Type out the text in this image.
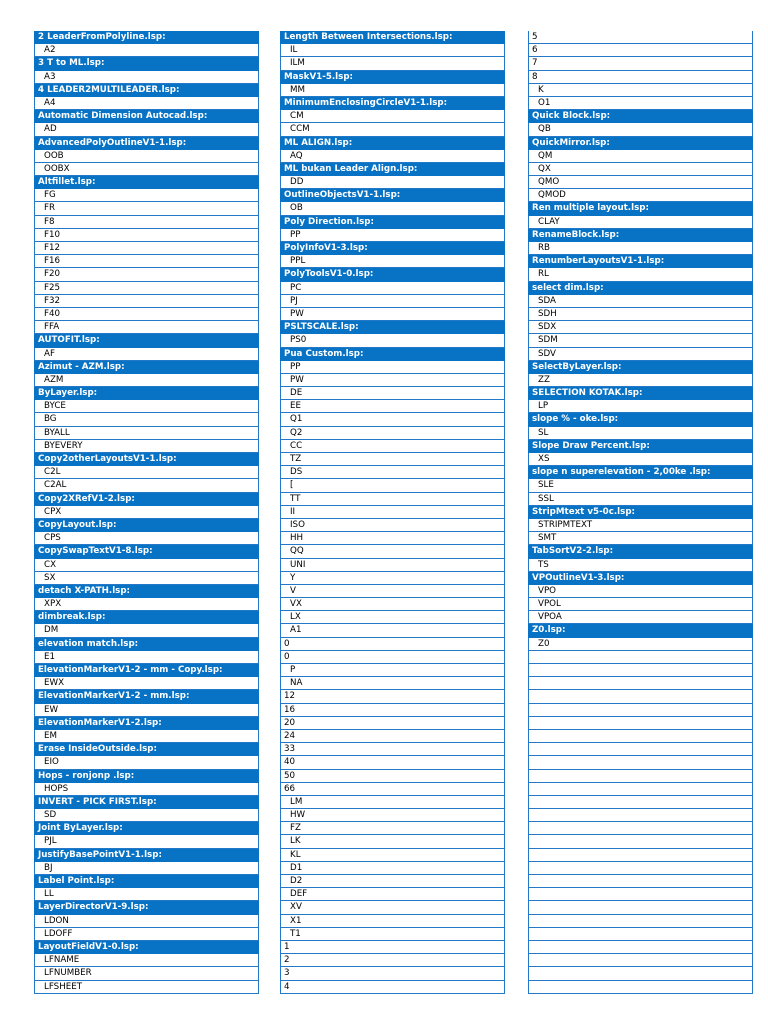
2 LeaderFromPolyline.lsp:
A2
3 T to ML.lsp:
A3
4 LEADER2MULTILEADER.lsp:
A4
Automatic Dimension Autocad.lsp:
AD
AdvancedPolyOutlineV1-1.lsp:
OOB
OOBX
Altfillet.lsp:
FG
FR
F8
F10
F12
F16
F20
F25
F32
F40
FFA
AUTOFIT.lsp:
AF
Azimut - AZM.lsp:
AZM
ByLayer.lsp:
BYCE
BG
BYALL
BYEVERY
Copy2otherLayoutsV1-1.lsp:
C2L
C2AL
Copy2XRefV1-2.lsp:
CPX
CopyLayout.lsp:
CPS
CopySwapTextV1-8.lsp:
CX
SX
detach X-PATH.lsp:
XPX
dimbreak.lsp:
DM
elevation match.lsp:
E1
ElevationMarkerV1-2 - mm - Copy.lsp:
EWX
ElevationMarkerV1-2 - mm.lsp:
EW
ElevationMarkerV1-2.lsp:
EM
Erase InsideOutside.lsp:
EIO
Hops - ronjonp .lsp:
HOPS
INVERT - PICK FIRST.lsp:
SD
Joint ByLayer.lsp:
PJL
JustifyBasePointV1-1.lsp:
BJ
Label Point.lsp:
LL
LayerDirectorV1-9.lsp:
LDON
LDOFF
LayoutFieldV1-0.lsp:
LFNAME
LFNUMBER
LFSHEET
Length Between Intersections.lsp:
IL
ILM
MaskV1-5.lsp:
MM
MinimumEnclosingCircleV1-1.lsp:
CM
CCM
ML ALIGN.lsp:
AQ
ML bukan Leader Align.lsp:
DD
OutlineObjectsV1-1.lsp:
OB
Poly Direction.lsp:
PP
PolyInfoV1-3.lsp:
PPL
PolyToolsV1-0.lsp:
PC
PJ
PW
PSLTSCALE.lsp:
PS0
Pua Custom.lsp:
PP
PW
DE
EE
Q1
Q2
CC
TZ
DS
[
TT
II
ISO
HH
QQ
UNI
Y
V
VX
LX
A1
0
0
P
NA
12
16
20
24
33
40
50
66
LM
HW
FZ
LK
KL
D1
D2
DEF
XV
X1
T1
1
2
3
4
5
6
7
8
K
O1
Quick Block.lsp:
QB
QuickMirror.lsp:
QM
QX
QMO
QMOD
Ren multiple layout.lsp:
CLAY
RenameBlock.lsp:
RB
RenumberLayoutsV1-1.lsp:
RL
select dim.lsp:
SDA
SDH
SDX
SDM
SDV
SelectByLayer.lsp:
ZZ
SELECTION KOTAK.lsp:
LP
slope % - oke.lsp:
SL
Slope Draw Percent.lsp:
XS
slope n superelevation - 2,00ke .lsp:
SLE
SSL
StripMtext v5-0c.lsp:
STRIPMTEXT
SMT
TabSortV2-2.lsp:
TS
VPOutlineV1-3.lsp:
VPO
VPOL
VPOA
Z0.lsp:
Z0
